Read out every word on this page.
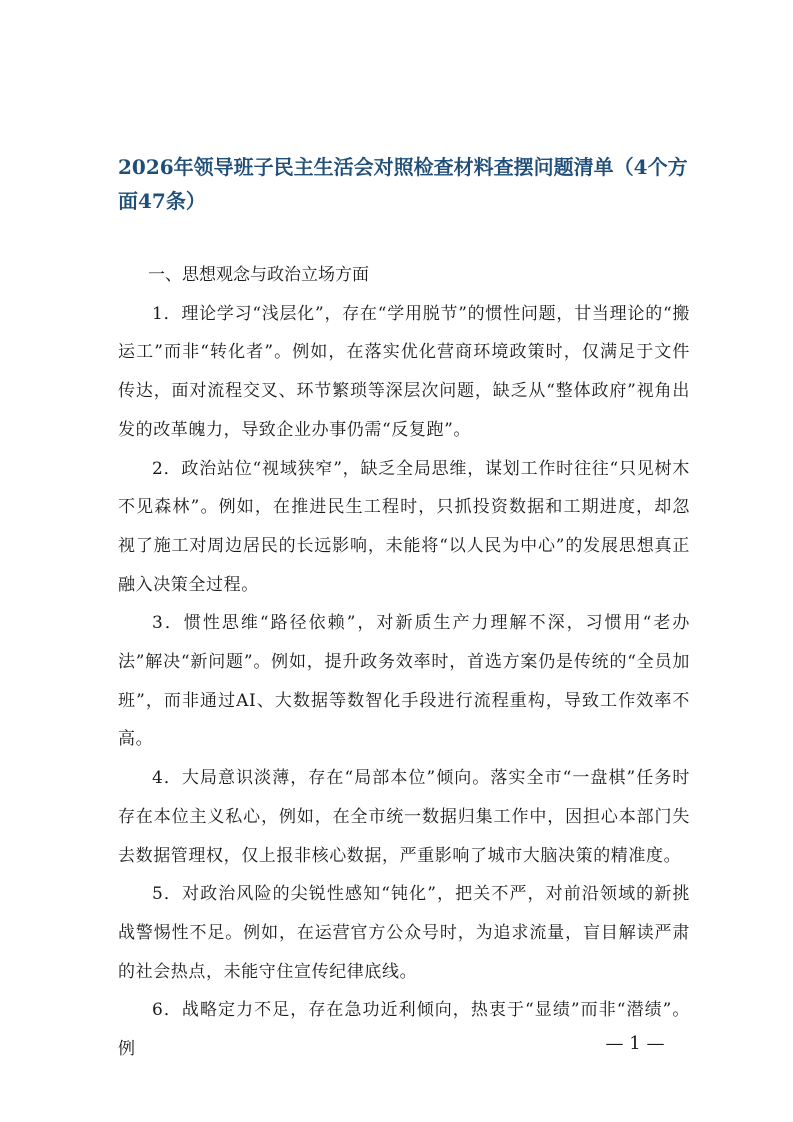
2026年领导班子民主生活会对照检查材料查摆问题清单（4个方面47条）

一、思想观念与政治立场方面

1．理论学习“浅层化”，存在“学用脱节”的惯性问题，甘当理论的“搬运工”而非“转化者”。例如，在落实优化营商环境政策时，仅满足于文件传达，面对流程交叉、环节繁琐等深层次问题，缺乏从“整体政府”视角出发的改革魄力，导致企业办事仍需“反复跑”。

2．政治站位“视域狭窄”，缺乏全局思维，谋划工作时往往“只见树木不见森林”。例如，在推进民生工程时，只抓投资数据和工期进度，却忽视了施工对周边居民的长远影响，未能将“以人民为中心”的发展思想真正融入决策全过程。

3．惯性思维“路径依赖”，对新质生产力理解不深，习惯用“老办法”解决“新问题”。例如，提升政务效率时，首选方案仍是传统的“全员加班”，而非通过AI、大数据等数智化手段进行流程重构，导致工作效率不高。

4．大局意识淡薄，存在“局部本位”倾向。落实全市“一盘棋”任务时存在本位主义私心，例如，在全市统一数据归集工作中，因担心本部门失去数据管理权，仅上报非核心数据，严重影响了城市大脑决策的精准度。

5．对政治风险的尖锐性感知“钝化”，把关不严，对前沿领域的新挑战警惕性不足。例如，在运营官方公众号时，为追求流量，盲目解读严肃的社会热点，未能守住宣传纪律底线。

6．战略定力不足，存在急功近利倾向，热衷于“显绩”而非“潜绩”。例	— 1 —
